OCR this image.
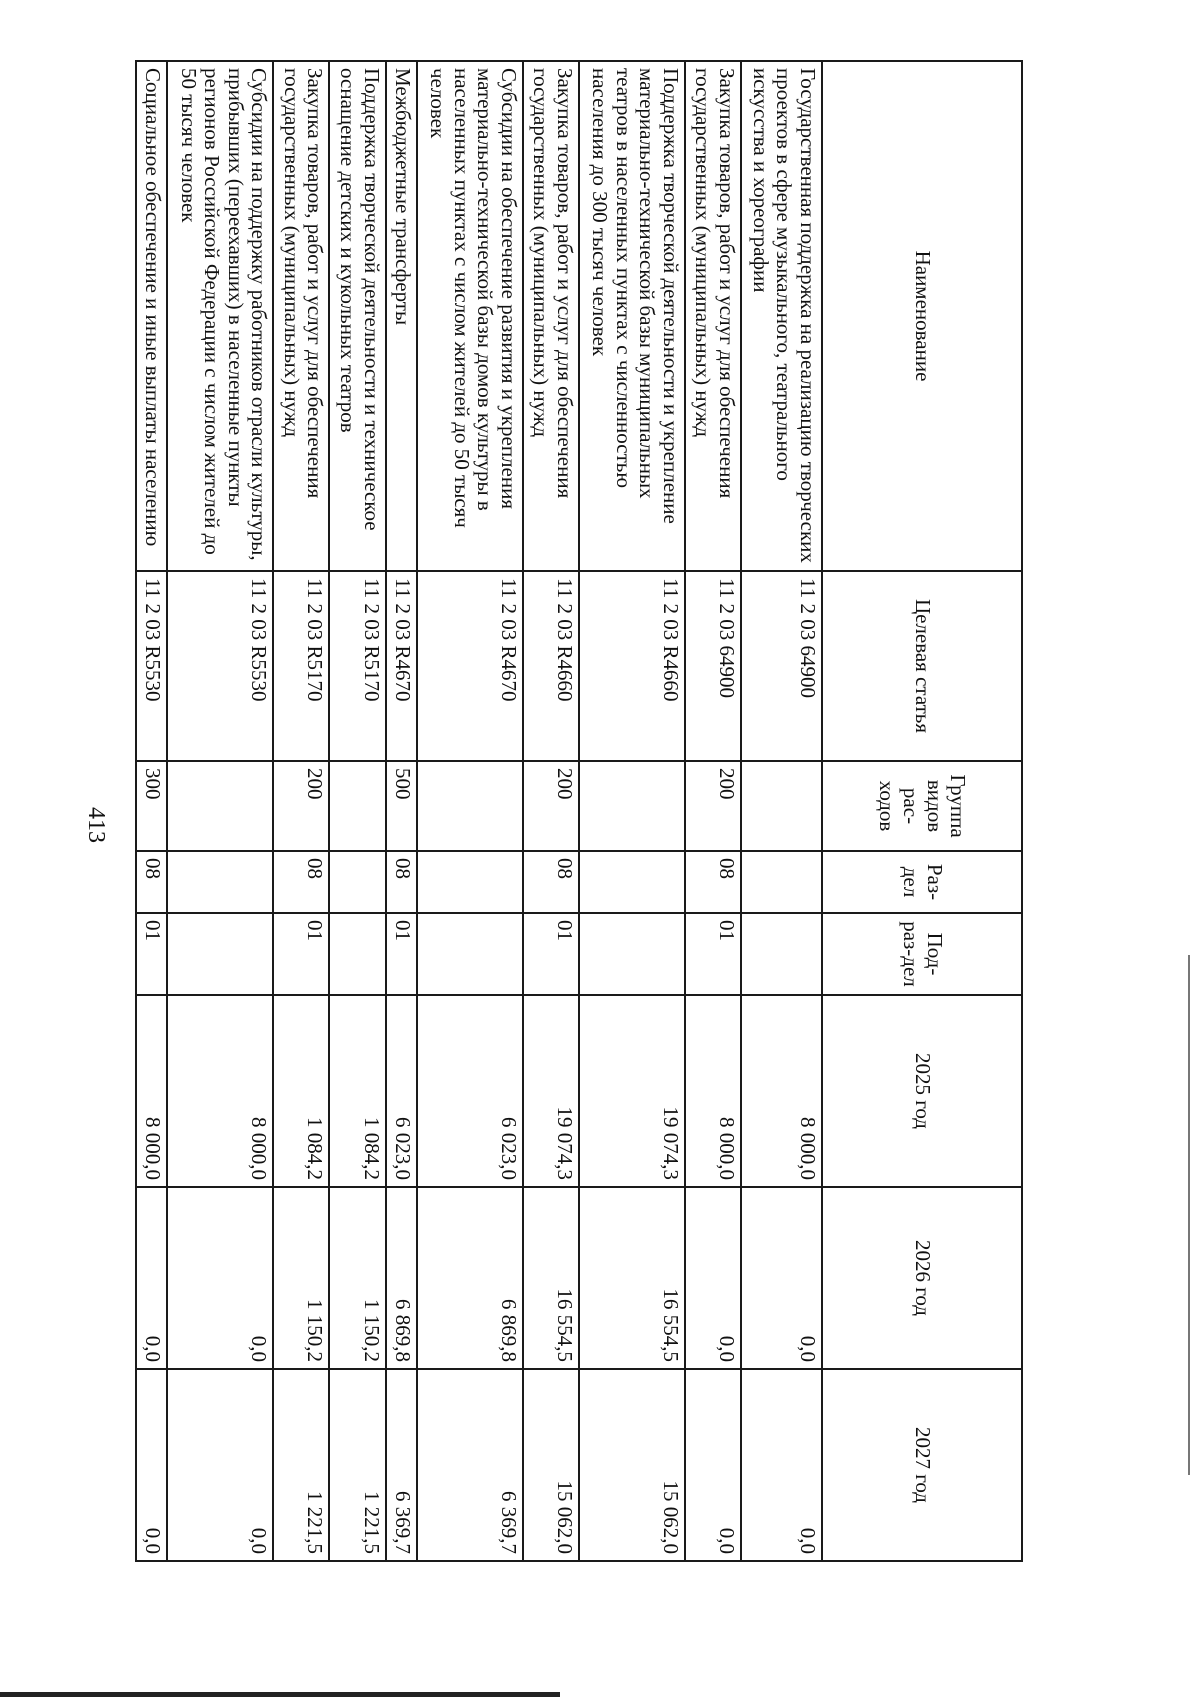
413
Наименование	Целевая статья	Группа видов рас-ходов	Раз-дел	Под-раз-дел	2025 год	2026 год	2027 год
Государственная поддержка на реализацию творческих проектов в сфере музыкального, театрального искусства и хореографии	11 2 03 64900				8 000,0	0,0	0,0
Закупка товаров, работ и услуг для обеспечения государственных (муниципальных) нужд	11 2 03 64900	200	08	01	8 000,0	0,0	0,0
Поддержка творческой деятельности и укрепление материально-технической базы муниципальных театров в населенных пунктах с численностью населения до 300 тысяч человек	11 2 03 R4660				19 074,3	16 554,5	15 062,0
Закупка товаров, работ и услуг для обеспечения государственных (муниципальных) нужд	11 2 03 R4660	200	08	01	19 074,3	16 554,5	15 062,0
Субсидии на обеспечение развития и укрепления материально-технической базы домов культуры в населенных пунктах с числом жителей до 50 тысяч человек	11 2 03 R4670				6 023,0	6 869,8	6 369,7
Межбюджетные трансферты	11 2 03 R4670	500	08	01	6 023,0	6 869,8	6 369,7
Поддержка творческой деятельности и техническое оснащение детских и кукольных театров	11 2 03 R5170				1 084,2	1 150,2	1 221,5
Закупка товаров, работ и услуг для обеспечения государственных (муниципальных) нужд	11 2 03 R5170	200	08	01	1 084,2	1 150,2	1 221,5
Субсидии на поддержку работников отрасли культуры, прибывших (переехавших) в населенные пункты регионов Российской Федерации с числом жителей до 50 тысяч человек	11 2 03 R5530				8 000,0	0,0	0,0
Социальное обеспечение и иные выплаты населению	11 2 03 R5530	300	08	01	8 000,0	0,0	0,0
